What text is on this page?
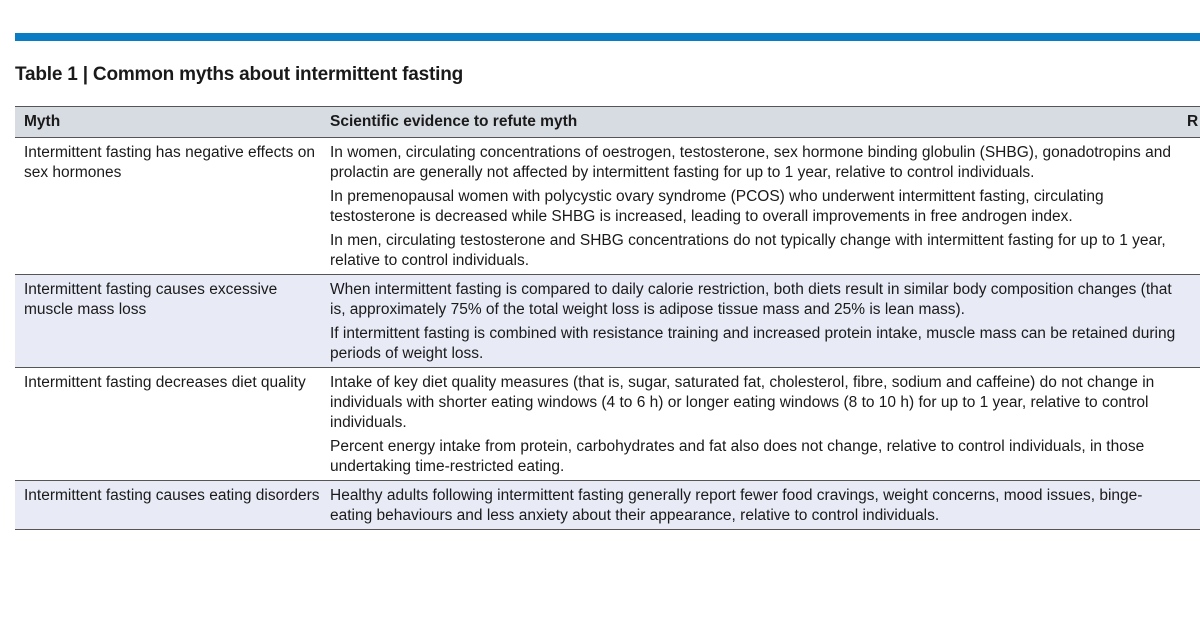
Table 1 | Common myths about intermittent fasting
Myth	Scientific evidence to refute myth	R
Intermittent fasting has negative effects on sex hormones	In women, circulating concentrations of oestrogen, testosterone, sex hormone binding globulin (SHBG), gonadotropins and prolactin are generally not affected by intermittent fasting for up to 1 year, relative to control individuals.

In premenopausal women with polycystic ovary syndrome (PCOS) who underwent intermittent fasting, circulating testosterone is decreased while SHBG is increased, leading to overall improvements in free androgen index.

In men, circulating testosterone and SHBG concentrations do not typically change with intermittent fasting for up to 1 year, relative to control individuals.	

Intermittent fasting causes excessive muscle mass loss	When intermittent fasting is compared to daily calorie restriction, both diets result in similar body composition changes (that is, approximately 75% of the total weight loss is adipose tissue mass and 25% is lean mass).

If intermittent fasting is combined with resistance training and increased protein intake, muscle mass can be retained during periods of weight loss.	

Intermittent fasting decreases diet quality	Intake of key diet quality measures (that is, sugar, saturated fat, cholesterol, fibre, sodium and caffeine) do not change in individuals with shorter eating windows (4 to 6 h) or longer eating windows (8 to 10 h) for up to 1 year, relative to control individuals.

Percent energy intake from protein, carbohydrates and fat also does not change, relative to control individuals, in those undertaking time-restricted eating.	

Intermittent fasting causes eating disorders	Healthy adults following intermittent fasting generally report fewer food cravings, weight concerns, mood issues, binge-eating behaviours and less anxiety about their appearance, relative to control individuals.	
